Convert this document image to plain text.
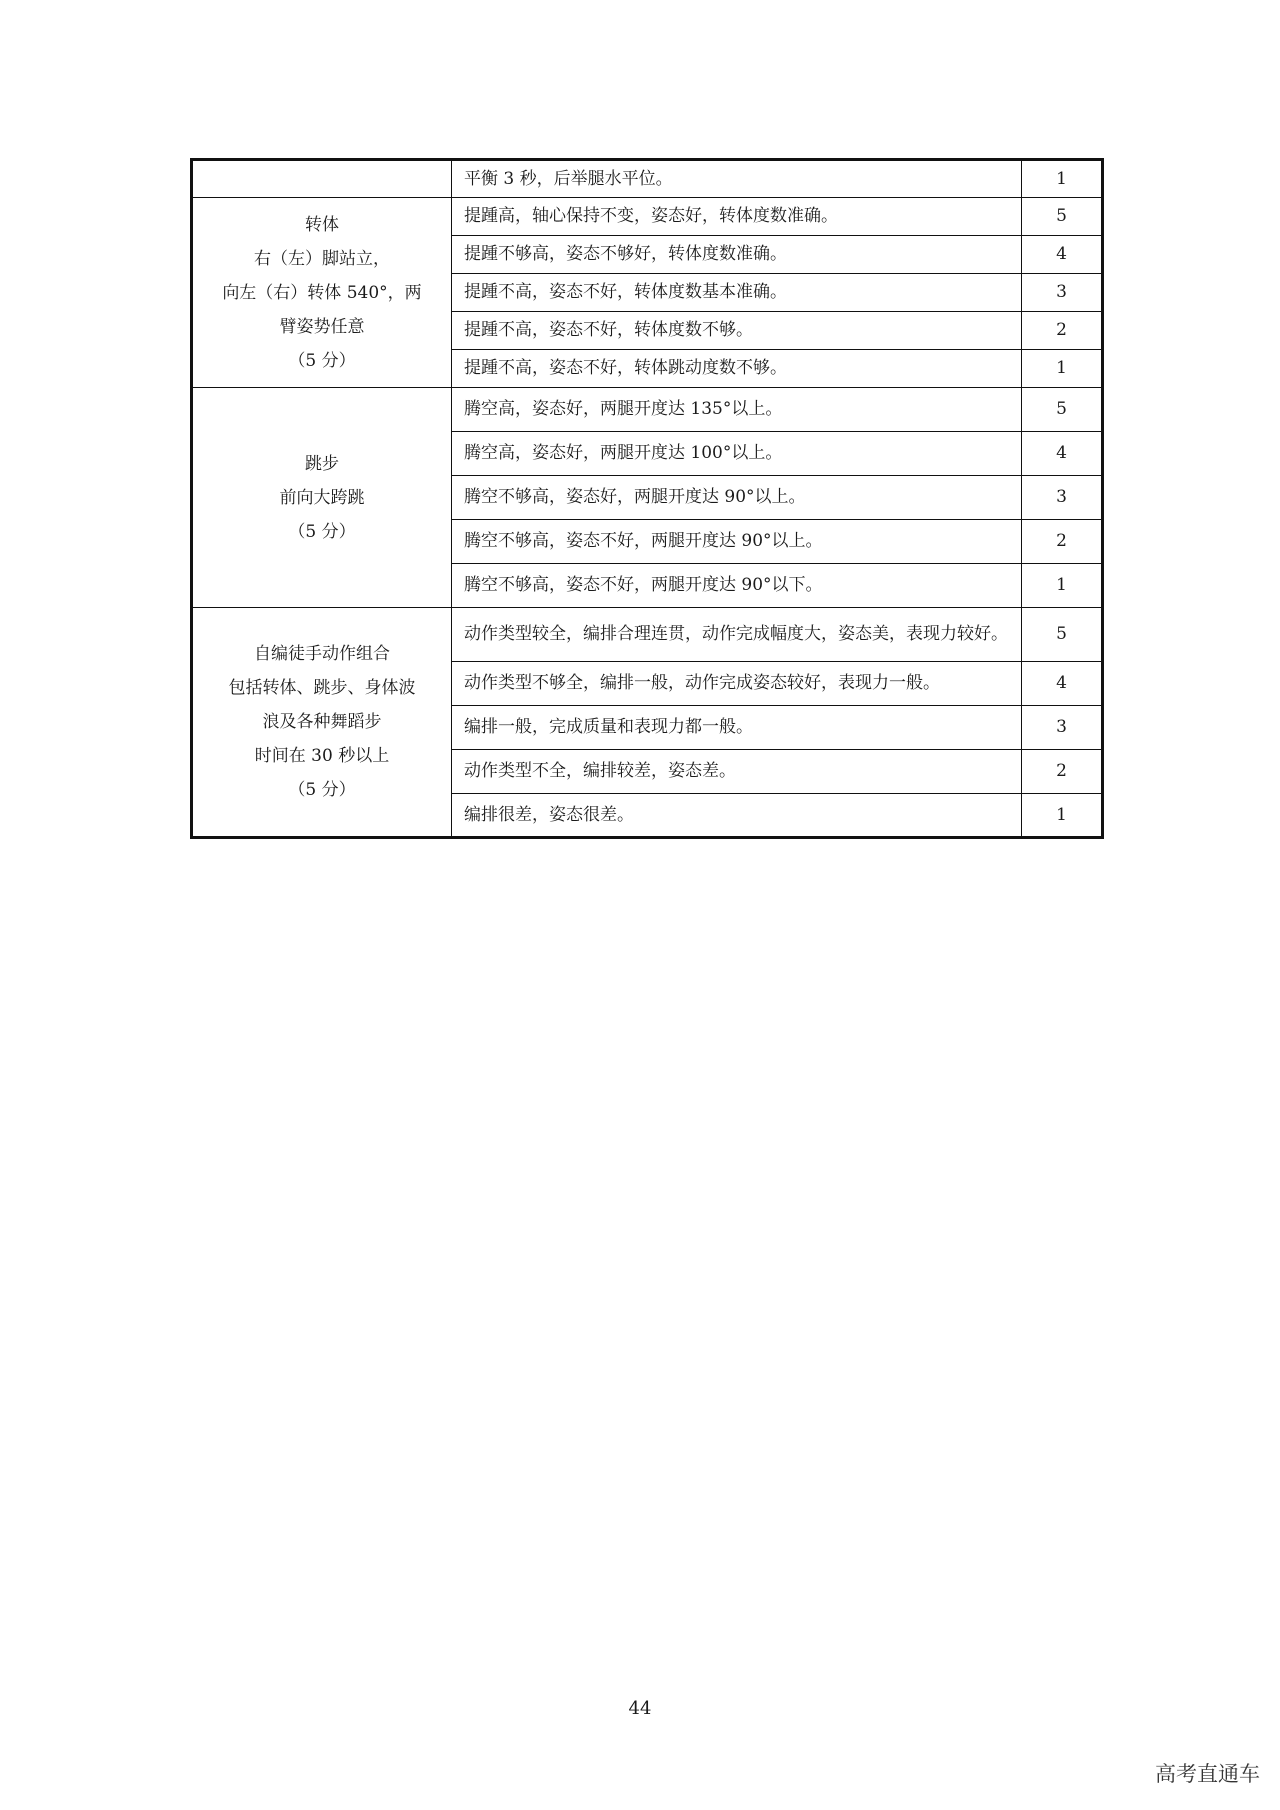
	平衡 3 秒，后举腿水平位。	1

转体
右（左）脚站立，
向左（右）转体 540°，两
臂姿势任意
（5 分）	提踵高，轴心保持不变，姿态好，转体度数准确。	5
	提踵不够高，姿态不够好，转体度数准确。	4
	提踵不高，姿态不好，转体度数基本准确。	3
	提踵不高，姿态不好，转体度数不够。	2
	提踵不高，姿态不好，转体跳动度数不够。	1

跳步
前向大跨跳
（5 分）	腾空高，姿态好，两腿开度达 135°以上。	5
	腾空高，姿态好，两腿开度达 100°以上。	4
	腾空不够高，姿态好，两腿开度达 90°以上。	3
	腾空不够高，姿态不好，两腿开度达 90°以上。	2
	腾空不够高，姿态不好，两腿开度达 90°以下。	1

自编徒手动作组合
包括转体、跳步、身体波
浪及各种舞蹈步
时间在 30 秒以上
（5 分）	动作类型较全，编排合理连贯，动作完成幅度大，姿态美，表现力较好。	5
	动作类型不够全，编排一般，动作完成姿态较好，表现力一般。	4
	编排一般，完成质量和表现力都一般。	3
	动作类型不全，编排较差，姿态差。	2
	编排很差，姿态很差。	1
44
高考直通车
